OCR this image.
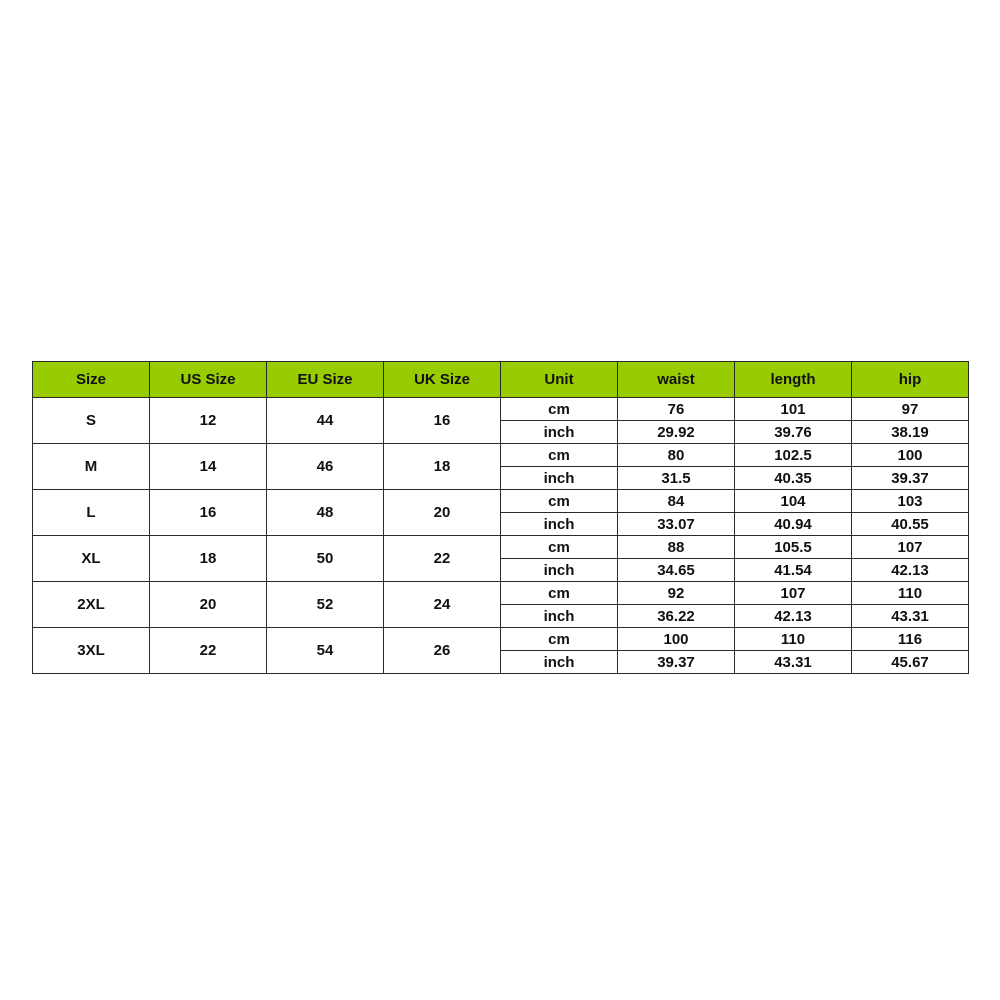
Size	US Size	EU Size	UK Size	Unit	waist	length	hip
S	12	44	16	cm	76	101	97
				inch	29.92	39.76	38.19
M	14	46	18	cm	80	102.5	100
				inch	31.5	40.35	39.37
L	16	48	20	cm	84	104	103
				inch	33.07	40.94	40.55
XL	18	50	22	cm	88	105.5	107
				inch	34.65	41.54	42.13
2XL	20	52	24	cm	92	107	110
				inch	36.22	42.13	43.31
3XL	22	54	26	cm	100	110	116
				inch	39.37	43.31	45.67
